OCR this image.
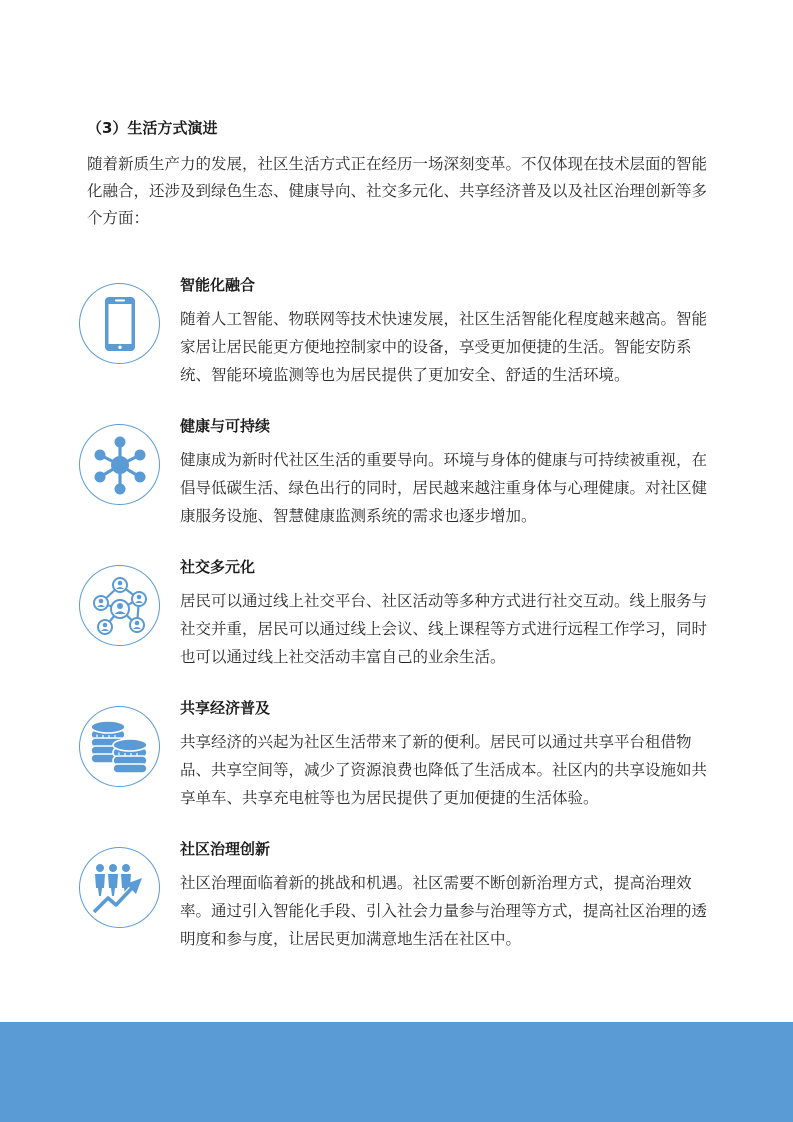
（3）生活方式演进

随着新质生产力的发展，社区生活方式正在经历一场深刻变革。不仅体现在技术层面的智能化融合，还涉及到绿色生态、健康导向、社交多元化、共享经济普及以及社区治理创新等多个方面：

智能化融合

随着人工智能、物联网等技术快速发展，社区生活智能化程度越来越高。智能家居让居民能更方便地控制家中的设备，享受更加便捷的生活。智能安防系统、智能环境监测等也为居民提供了更加安全、舒适的生活环境。

健康与可持续

健康成为新时代社区生活的重要导向。环境与身体的健康与可持续被重视，在倡导低碳生活、绿色出行的同时，居民越来越注重身体与心理健康。对社区健康服务设施、智慧健康监测系统的需求也逐步增加。

社交多元化

居民可以通过线上社交平台、社区活动等多种方式进行社交互动。线上服务与社交并重，居民可以通过线上会议、线上课程等方式进行远程工作学习，同时也可以通过线上社交活动丰富自己的业余生活。

共享经济普及

共享经济的兴起为社区生活带来了新的便利。居民可以通过共享平台租借物品、共享空间等，减少了资源浪费也降低了生活成本。社区内的共享设施如共享单车、共享充电桩等也为居民提供了更加便捷的生活体验。

社区治理创新

社区治理面临着新的挑战和机遇。社区需要不断创新治理方式，提高治理效率。通过引入智能化手段、引入社会力量参与治理等方式，提高社区治理的透明度和参与度，让居民更加满意地生活在社区中。
